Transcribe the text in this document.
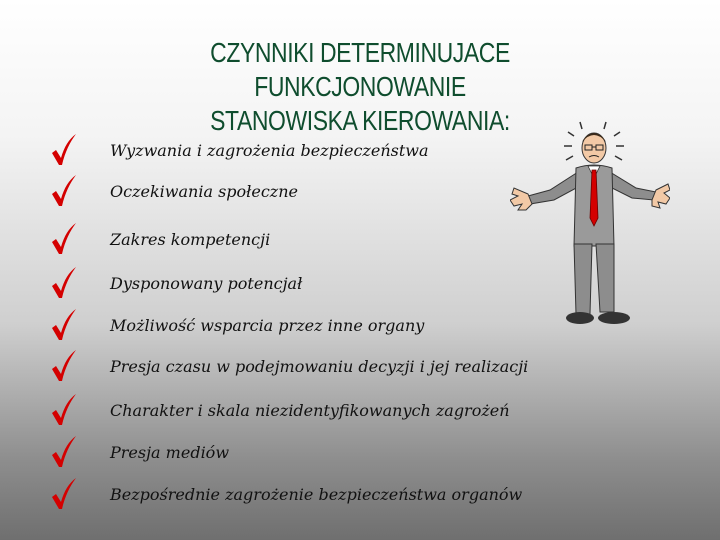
CZYNNIKI DETERMINUJACE FUNKCJONOWANIE
STANOWISKA KIEROWANIA:
Wyzwania i zagrożenia bezpieczeństwa
Oczekiwania społeczne
Zakres kompetencji
Dysponowany potencjał
Możliwość wsparcia przez inne organy
Presja czasu w podejmowaniu decyzji i jej realizacji
Charakter i skala niezidentyfikowanych zagrożeń
Presja mediów
Bezpośrednie zagrożenie bezpieczeństwa organów
